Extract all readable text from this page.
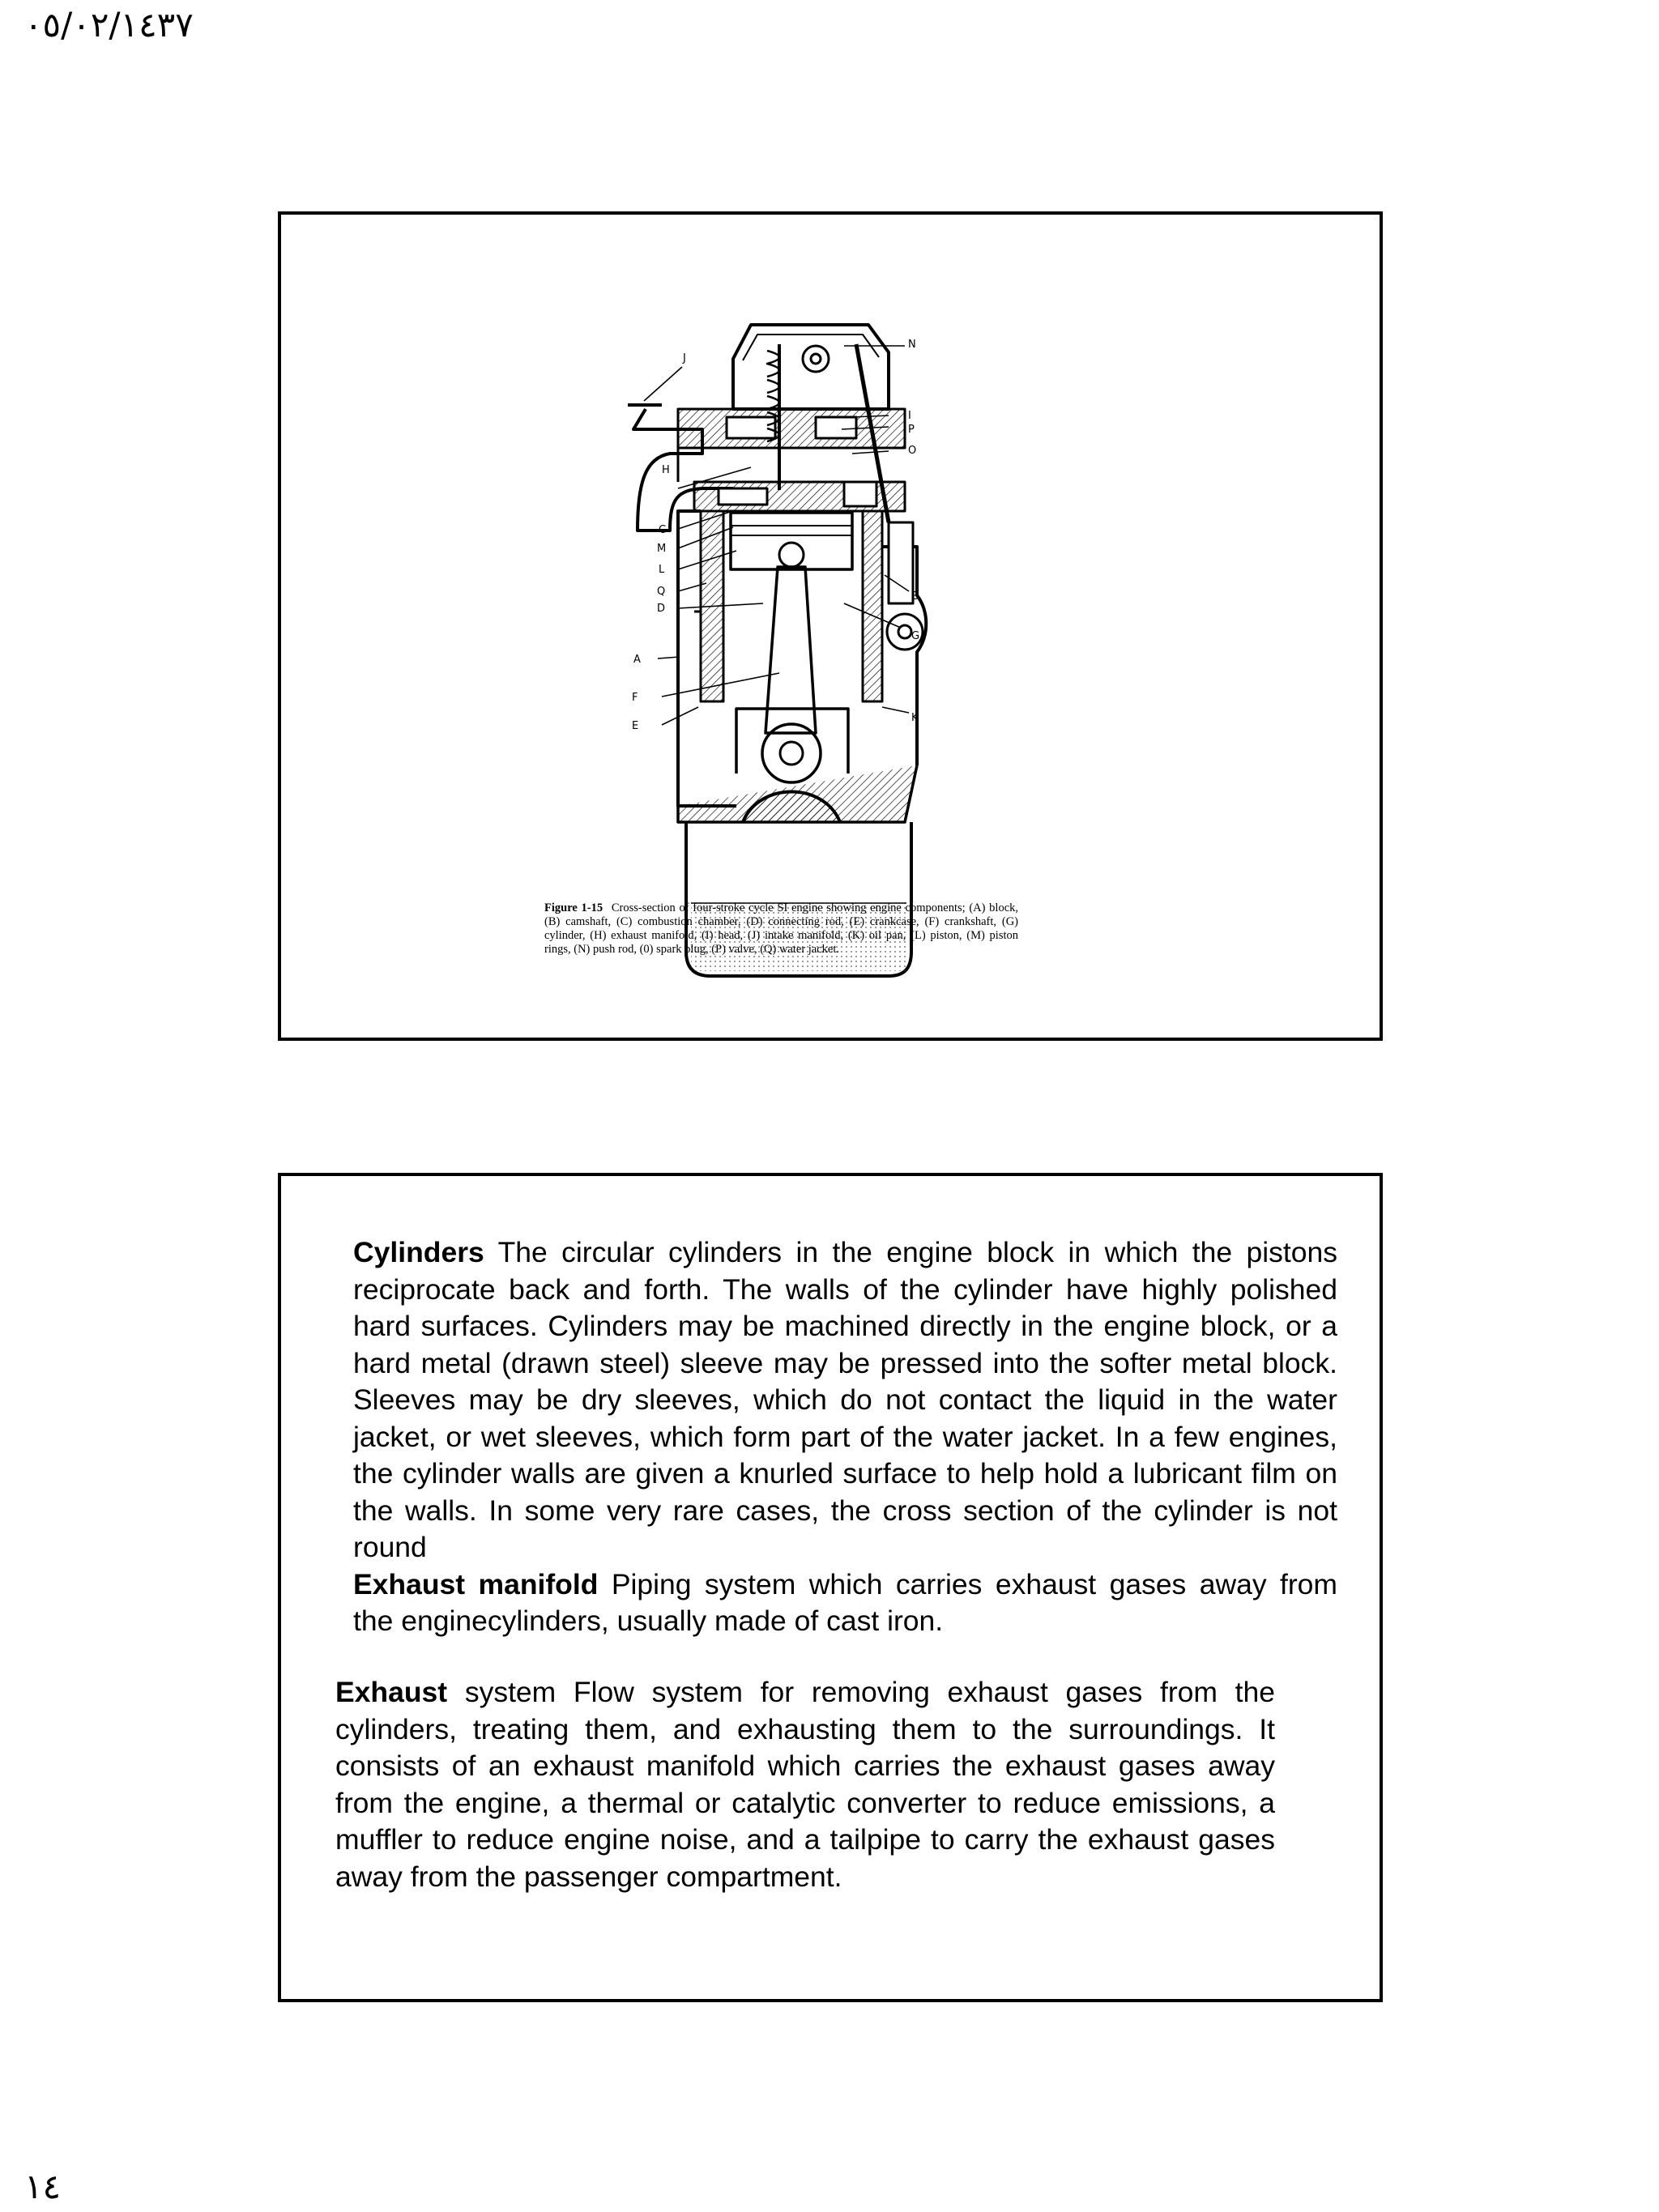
٠٥/٠٢/١٤٣٧
J
N
I
P
O
H
C
M
L
Q
D
B
G
A
F
K
E
Figure 1-15 Cross-section of four-stroke cycle SI engine showing engine components; (A) block, (B) camshaft, (C) combustion chamber, (D) connecting rod, (E) crankcase, (F) crankshaft, (G) cylinder, (H) exhaust manifold, (I) head, (J) intake manifold, (K) oil pan, (L) piston, (M) piston rings, (N) push rod, (0) spark plug, (P) valve, (Q) water jacket.

Cylinders The circular cylinders in the engine block in which the pistons reciprocate back and forth. The walls of the cylinder have highly polished hard surfaces. Cylinders may be machined directly in the engine block, or a hard metal (drawn steel) sleeve may be pressed into the softer metal block. Sleeves may be dry sleeves, which do not contact the liquid in the water jacket, or wet sleeves, which form part of the water jacket. In a few engines, the cylinder walls are given a knurled surface to help hold a lubricant film on the walls. In some very rare cases, the cross section of the cylinder is not round

Exhaust manifold Piping system which carries exhaust gases away from the enginecylinders, usually made of cast iron.

Exhaust system Flow system for removing exhaust gases from the cylinders, treating them, and exhausting them to the surroundings. It consists of an exhaust manifold which carries the exhaust gases away from the engine, a thermal or catalytic converter to reduce emissions, a muffler to reduce engine noise, and a tailpipe to carry the exhaust gases away from the passenger compartment.

١٤
